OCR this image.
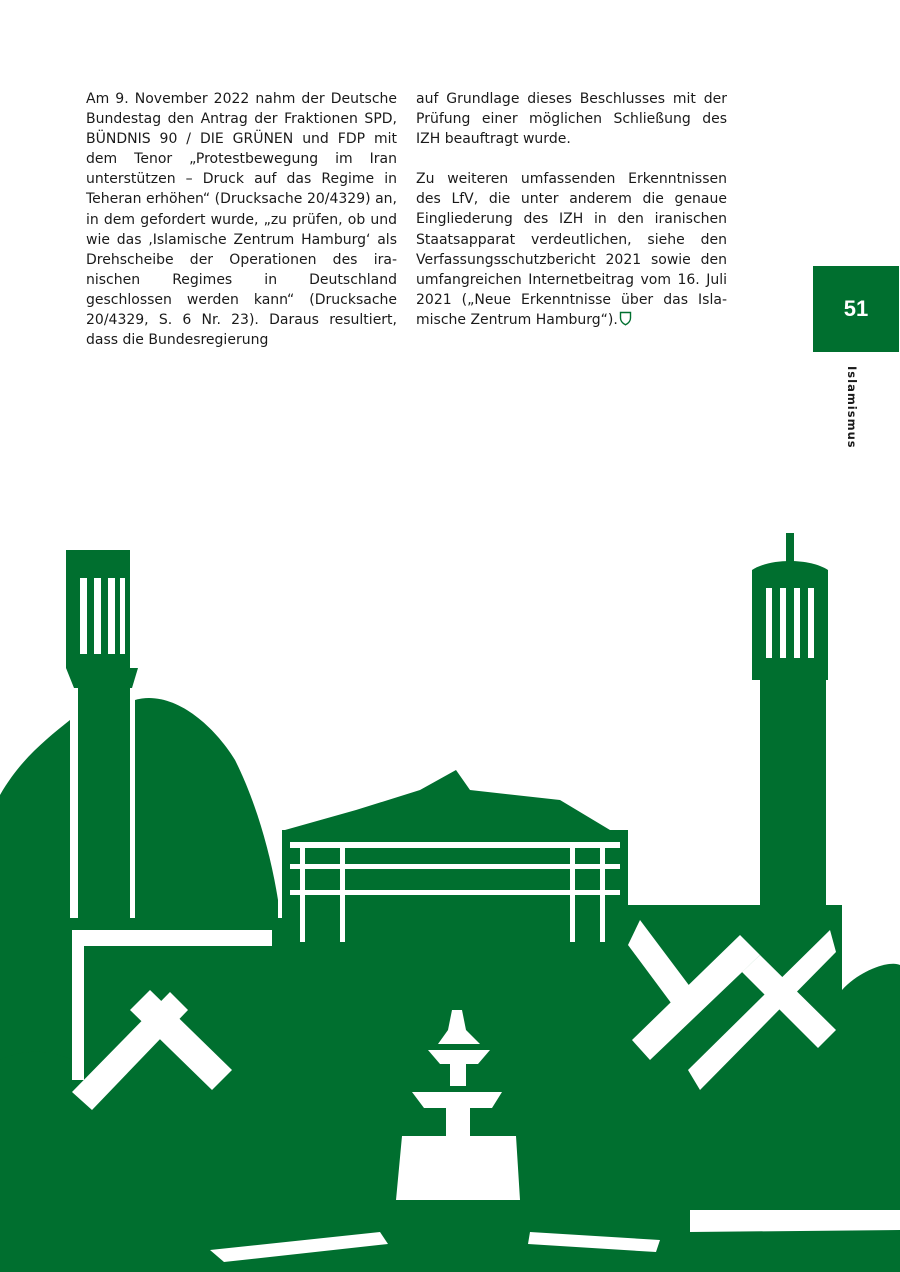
Am 9. November 2022 nahm der Deutsche Bundestag den Antrag der Fraktionen SPD, BÜNDNIS 90 / DIE GRÜNEN und FDP mit dem Tenor „Protestbewegung im Iran unterstützen – Druck auf das Regime in Teheran erhöhen“ (Drucksache 20/4329) an, in dem gefordert wurde, „zu prüfen, ob und wie das ‚Islamische Zentrum Hamburg‘ als Drehscheibe der Operationen des iranischen Regimes in Deutschland geschlossen werden kann“ (Drucksache 20/4329, S. 6 Nr. 23). Daraus resultiert, dass die Bundesregierung

auf Grundlage dieses Beschlusses mit der Prüfung einer möglichen Schließung des IZH beauftragt wurde.

Zu weiteren umfassenden Erkenntnissen des LfV, die unter anderem die genaue Eingliederung des IZH in den iranischen Staatsapparat verdeutlichen, siehe den Verfassungsschutzbericht 2021 sowie den umfangreichen Internetbeitrag vom 16. Juli 2021 („Neue Erkenntnisse über das Islamische Zentrum Hamburg“).	51
Islamismus
